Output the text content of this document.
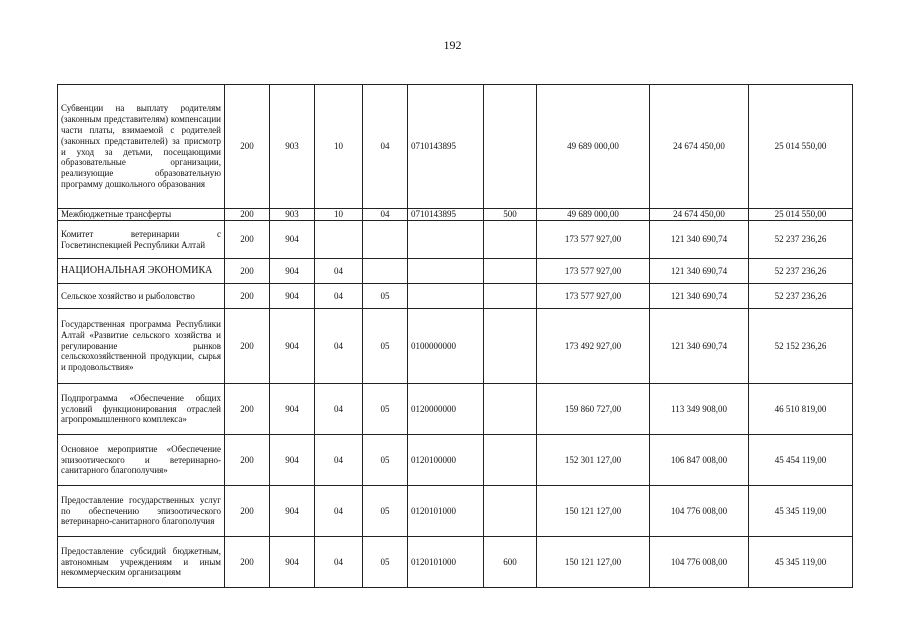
192
Субвенции на выплату родителям (законным представителям) компенсации части платы, взимаемой с родителей (законных представителей) за присмотр и уход за детьми, посещающими образовательные организации, реализующие образовательную программу дошкольного образования	200	903	10	04	0710143895		49 689 000,00	24 674 450,00	25 014 550,00
Межбюджетные трансферты	200	903	10	04	0710143895	500	49 689 000,00	24 674 450,00	25 014 550,00
Комитет ветеринарии с Госветинспекцией Республики Алтай	200	904					173 577 927,00	121 340 690,74	52 237 236,26
НАЦИОНАЛЬНАЯ ЭКОНОМИКА	200	904	04				173 577 927,00	121 340 690,74	52 237 236,26
Сельское хозяйство и рыболовство	200	904	04	05			173 577 927,00	121 340 690,74	52 237 236,26
Государственная программа Республики Алтай «Развитие сельского хозяйства и регулирование рынков сельскохозяйственной продукции, сырья и продовольствия»	200	904	04	05	0100000000		173 492 927,00	121 340 690,74	52 152 236,26
Подпрограмма «Обеспечение общих условий функционирования отраслей агропромышленного комплекса»	200	904	04	05	0120000000		159 860 727,00	113 349 908,00	46 510 819,00
Основное мероприятие «Обеспечение эпизоотического и ветеринарно-санитарного благополучия»	200	904	04	05	0120100000		152 301 127,00	106 847 008,00	45 454 119,00
Предоставление государственных услуг по обеспечению эпизоотического ветеринарно-санитарного благополучия	200	904	04	05	0120101000		150 121 127,00	104 776 008,00	45 345 119,00
Предоставление субсидий бюджетным, автономным учреждениям и иным некоммерческим организациям	200	904	04	05	0120101000	600	150 121 127,00	104 776 008,00	45 345 119,00
